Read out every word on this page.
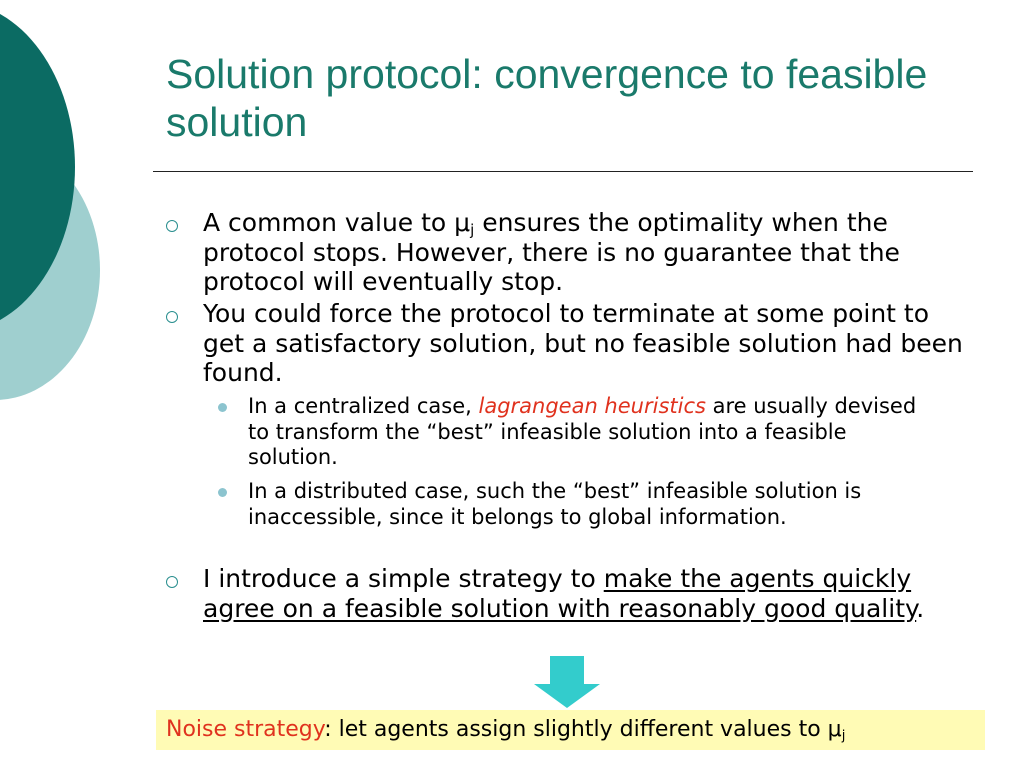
Solution protocol: convergence to feasible solution
A common value to $\mu_j$ ensures the optimality when the protocol stops. However, there is no guarantee that the protocol will eventually stop.
You could force the protocol to terminate at some point to get a satisfactory solution, but no feasible solution had been found.
In a centralized case, lagrangean heuristics are usually devised to transform the “best” infeasible solution into a feasible solution.
In a distributed case, such the “best” infeasible solution is inaccessible, since it belongs to global information.
I introduce a simple strategy to make the agents quickly agree on a feasible solution with reasonably good quality.
Noise strategy: let agents assign slightly different values to $\mu_j$
